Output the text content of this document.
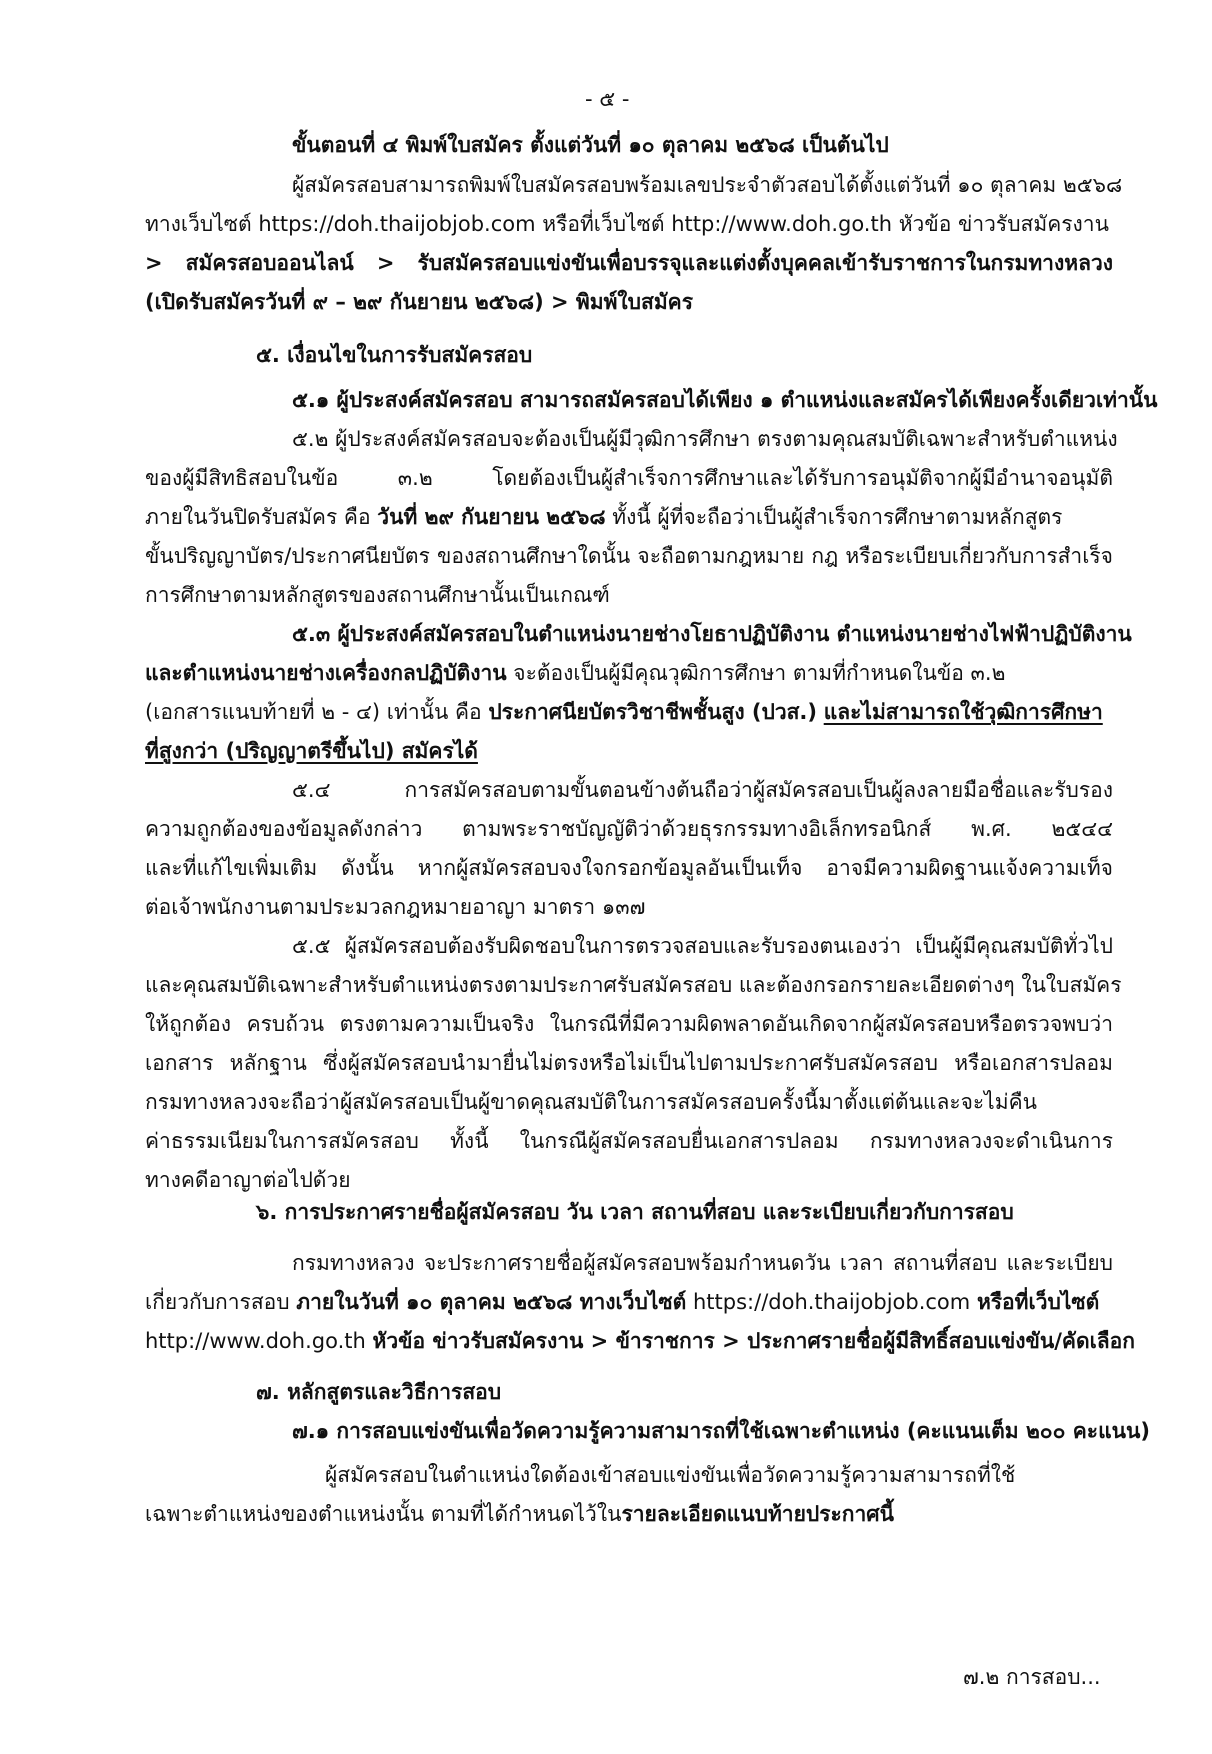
- ๕ -
ขั้นตอนที่ ๔ พิมพ์ใบสมัคร ตั้งแต่วันที่ ๑๐ ตุลาคม ๒๕๖๘ เป็นต้นไป
ผู้สมัครสอบสามารถพิมพ์ใบสมัครสอบพร้อมเลขประจำตัวสอบได้ตั้งแต่วันที่ ๑๐ ตุลาคม ๒๕๖๘
ทางเว็บไซต์ https://doh.thaijobjob.com หรือที่เว็บไซต์ http://www.doh.go.th หัวข้อ ข่าวรับสมัครงาน
> สมัครสอบออนไลน์ > รับสมัครสอบแข่งขันเพื่อบรรจุและแต่งตั้งบุคคลเข้ารับราชการในกรมทางหลวง
(เปิดรับสมัครวันที่ ๙ – ๒๙ กันยายน ๒๕๖๘) > พิมพ์ใบสมัคร
๕. เงื่อนไขในการรับสมัครสอบ
๕.๑ ผู้ประสงค์สมัครสอบ สามารถสมัครสอบได้เพียง ๑ ตำแหน่งและสมัครได้เพียงครั้งเดียวเท่านั้น
๕.๒ ผู้ประสงค์สมัครสอบจะต้องเป็นผู้มีวุฒิการศึกษา ตรงตามคุณสมบัติเฉพาะสำหรับตำแหน่ง
ของผู้มีสิทธิสอบในข้อ ๓.๒ โดยต้องเป็นผู้สำเร็จการศึกษาและได้รับการอนุมัติจากผู้มีอำนาจอนุมัติ
ภายในวันปิดรับสมัคร คือ วันที่ ๒๙ กันยายน ๒๕๖๘ ทั้งนี้ ผู้ที่จะถือว่าเป็นผู้สำเร็จการศึกษาตามหลักสูตร
ขั้นปริญญาบัตร/ประกาศนียบัตร ของสถานศึกษาใดนั้น จะถือตามกฎหมาย กฎ หรือระเบียบเกี่ยวกับการสำเร็จ
การศึกษาตามหลักสูตรของสถานศึกษานั้นเป็นเกณฑ์
๕.๓ ผู้ประสงค์สมัครสอบในตำแหน่งนายช่างโยธาปฏิบัติงาน ตำแหน่งนายช่างไฟฟ้าปฏิบัติงาน
และตำแหน่งนายช่างเครื่องกลปฏิบัติงาน จะต้องเป็นผู้มีคุณวุฒิการศึกษา ตามที่กำหนดในข้อ ๓.๒
(เอกสารแนบท้ายที่ ๒ - ๔) เท่านั้น คือ ประกาศนียบัตรวิชาชีพชั้นสูง (ปวส.) และไม่สามารถใช้วุฒิการศึกษา
ที่สูงกว่า (ปริญญาตรีขึ้นไป) สมัครได้
๕.๔ การสมัครสอบตามขั้นตอนข้างต้นถือว่าผู้สมัครสอบเป็นผู้ลงลายมือชื่อและรับรอง
ความถูกต้องของข้อมูลดังกล่าว ตามพระราชบัญญัติว่าด้วยธุรกรรมทางอิเล็กทรอนิกส์ พ.ศ. ๒๕๔๔
และที่แก้ไขเพิ่มเติม ดังนั้น หากผู้สมัครสอบจงใจกรอกข้อมูลอันเป็นเท็จ อาจมีความผิดฐานแจ้งความเท็จ
ต่อเจ้าพนักงานตามประมวลกฎหมายอาญา มาตรา ๑๓๗
๕.๕ ผู้สมัครสอบต้องรับผิดชอบในการตรวจสอบและรับรองตนเองว่า เป็นผู้มีคุณสมบัติทั่วไป
และคุณสมบัติเฉพาะสำหรับตำแหน่งตรงตามประกาศรับสมัครสอบ และต้องกรอกรายละเอียดต่างๆ ในใบสมัคร
ให้ถูกต้อง ครบถ้วน ตรงตามความเป็นจริง ในกรณีที่มีความผิดพลาดอันเกิดจากผู้สมัครสอบหรือตรวจพบว่า
เอกสาร หลักฐาน ซึ่งผู้สมัครสอบนำมายื่นไม่ตรงหรือไม่เป็นไปตามประกาศรับสมัครสอบ หรือเอกสารปลอม
กรมทางหลวงจะถือว่าผู้สมัครสอบเป็นผู้ขาดคุณสมบัติในการสมัครสอบครั้งนี้มาตั้งแต่ต้นและจะไม่คืน
ค่าธรรมเนียมในการสมัครสอบ ทั้งนี้ ในกรณีผู้สมัครสอบยื่นเอกสารปลอม กรมทางหลวงจะดำเนินการ
ทางคดีอาญาต่อไปด้วย
๖. การประกาศรายชื่อผู้สมัครสอบ วัน เวลา สถานที่สอบ และระเบียบเกี่ยวกับการสอบ
กรมทางหลวง จะประกาศรายชื่อผู้สมัครสอบพร้อมกำหนดวัน เวลา สถานที่สอบ และระเบียบ
เกี่ยวกับการสอบ ภายในวันที่ ๑๐ ตุลาคม ๒๕๖๘ ทางเว็บไซต์ https://doh.thaijobjob.com หรือที่เว็บไซต์
http://www.doh.go.th หัวข้อ ข่าวรับสมัครงาน > ข้าราชการ > ประกาศรายชื่อผู้มีสิทธิ์สอบแข่งขัน/คัดเลือก
๗. หลักสูตรและวิธีการสอบ
๗.๑ การสอบแข่งขันเพื่อวัดความรู้ความสามารถที่ใช้เฉพาะตำแหน่ง (คะแนนเต็ม ๒๐๐ คะแนน)
ผู้สมัครสอบในตำแหน่งใดต้องเข้าสอบแข่งขันเพื่อวัดความรู้ความสามารถที่ใช้
เฉพาะตำแหน่งของตำแหน่งนั้น ตามที่ได้กำหนดไว้ในรายละเอียดแนบท้ายประกาศนี้
๗.๒ การสอบ...
